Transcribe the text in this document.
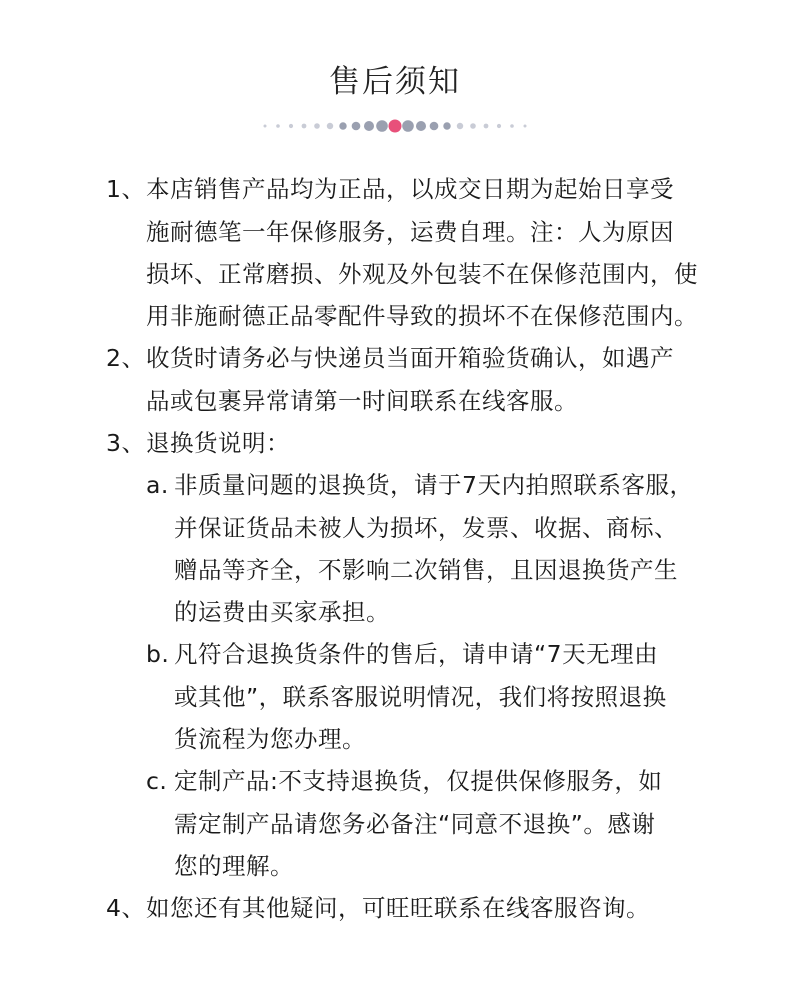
售后须知
1、 本店销售产品均为正品，以成交日期为起始日享受
施耐德笔一年保修服务，运费自理。注：人为原因
损坏、正常磨损、外观及外包装不在保修范围内，使
用非施耐德正品零配件导致的损坏不在保修范围内。
2、 收货时请务必与快递员当面开箱验货确认，如遇产
品或包裹异常请第一时间联系在线客服。
3、 退换货说明：
a. 非质量问题的退换货，请于7天内拍照联系客服，
并保证货品未被人为损坏，发票、收据、商标、
赠品等齐全，不影响二次销售，且因退换货产生
的运费由买家承担。
b. 凡符合退换货条件的售后，请申请“7天无理由
或其他”，联系客服说明情况，我们将按照退换
货流程为您办理。
c. 定制产品:不支持退换货，仅提供保修服务，如
需定制产品请您务必备注“同意不退换”。感谢
您的理解。
4、 如您还有其他疑问，可旺旺联系在线客服咨询。
